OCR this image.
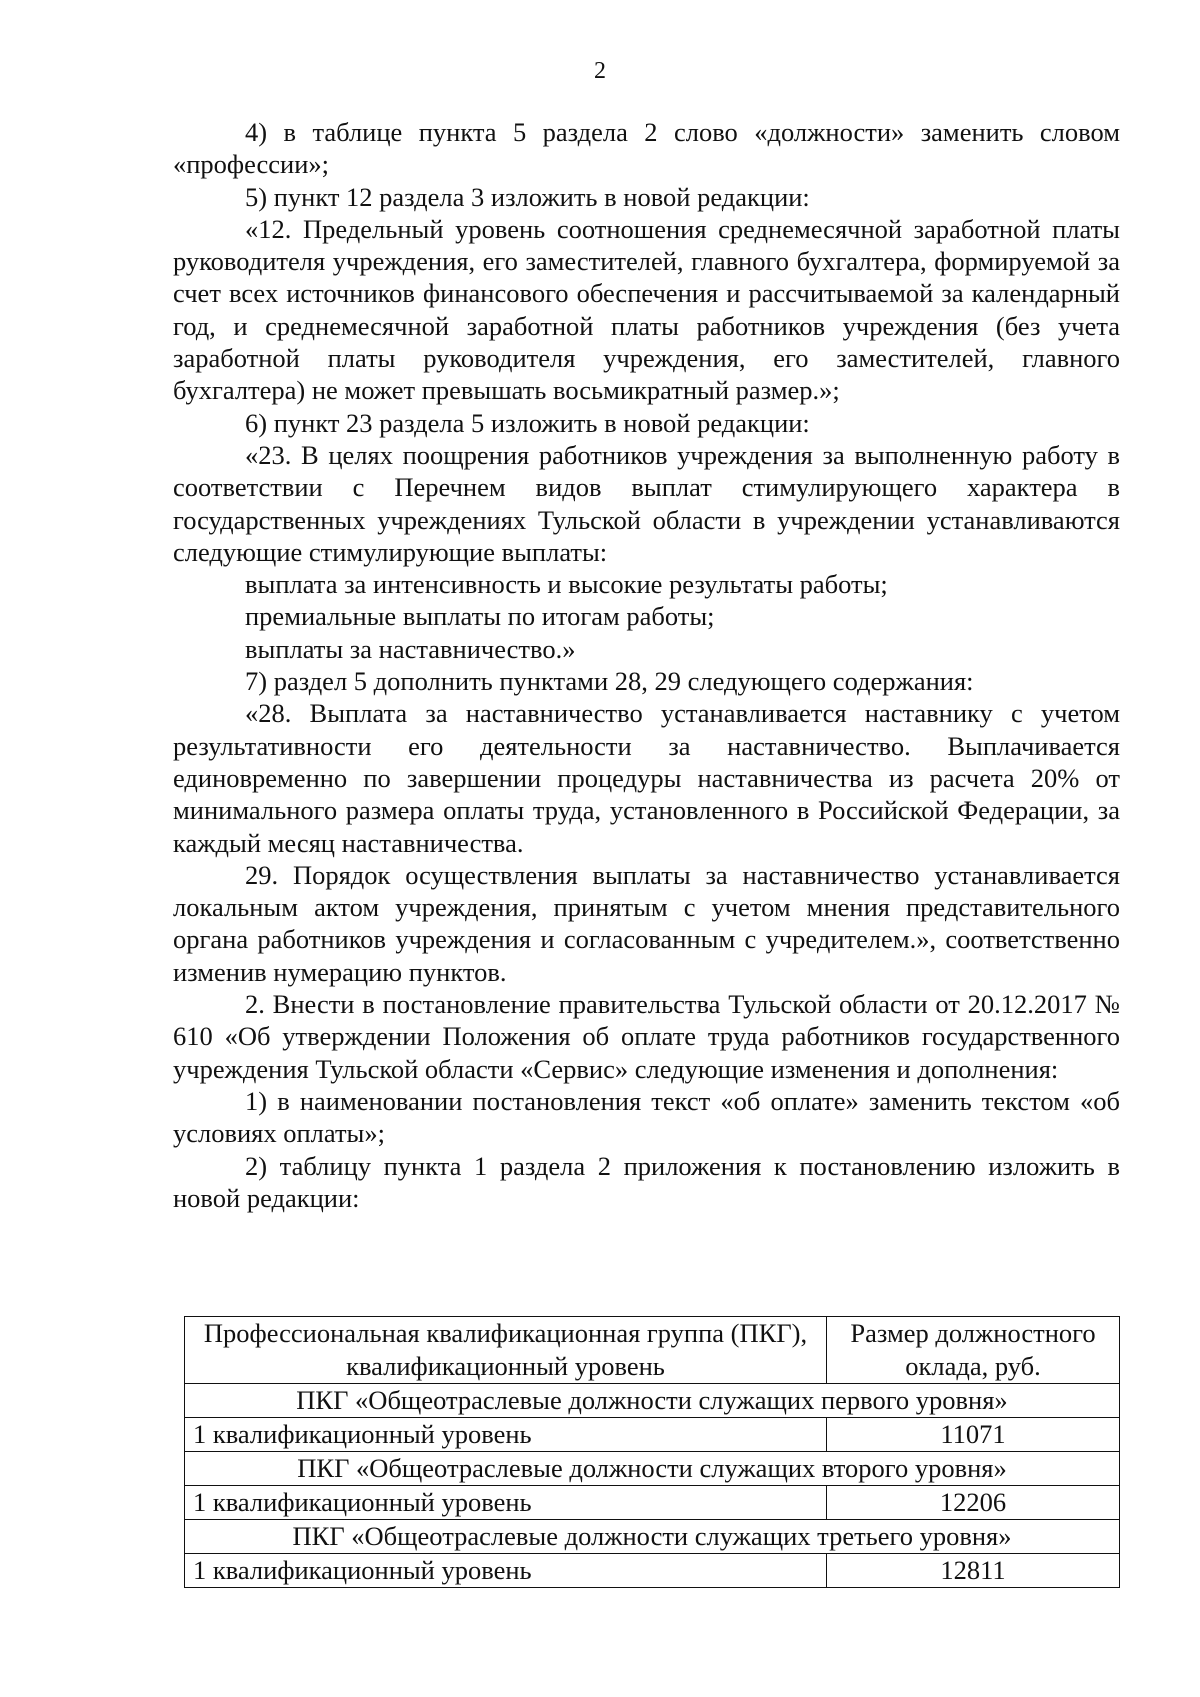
2

4) в таблице пункта 5 раздела 2 слово «должности» заменить словом «профессии»;

5) пункт 12 раздела 3 изложить в новой редакции:

«12. Предельный уровень соотношения среднемесячной заработной платы руководителя учреждения, его заместителей, главного бухгалтера, формируемой за счет всех источников финансового обеспечения и рассчитываемой за календарный год, и среднемесячной заработной платы работников учреждения (без учета заработной платы руководителя учреждения, его заместителей, главного бухгалтера) не может превышать восьмикратный размер.»;

6) пункт 23 раздела 5 изложить в новой редакции:

«23. В целях поощрения работников учреждения за выполненную работу в соответствии с Перечнем видов выплат стимулирующего характера в государственных учреждениях Тульской области в учреждении устанавливаются следующие стимулирующие выплаты:

выплата за интенсивность и высокие результаты работы;

премиальные выплаты по итогам работы;

выплаты за наставничество.»

7) раздел 5 дополнить пунктами 28, 29 следующего содержания:

«28. Выплата за наставничество устанавливается наставнику с учетом результативности его деятельности за наставничество. Выплачивается единовременно по завершении процедуры наставничества из расчета 20% от минимального размера оплаты труда, установленного в Российской Федерации, за каждый месяц наставничества.

29. Порядок осуществления выплаты за наставничество устанавливается локальным актом учреждения, принятым с учетом мнения представительного органа работников учреждения и согласованным с учредителем.», соответственно изменив нумерацию пунктов.

2. Внести в постановление правительства Тульской области от 20.12.2017 № 610 «Об утверждении Положения об оплате труда работников государственного учреждения Тульской области «Сервис» следующие изменения и дополнения:

1) в наименовании постановления текст «об оплате» заменить текстом «об условиях оплаты»;

2) таблицу пункта 1 раздела 2 приложения к постановлению изложить в новой редакции:

Профессиональная квалификационная группа (ПКГ), квалификационный уровень	Размер должностного оклада, руб.
ПКГ «Общеотраслевые должности служащих первого уровня»	
1 квалификационный уровень	11071
ПКГ «Общеотраслевые должности служащих второго уровня»	
1 квалификационный уровень	12206
ПКГ «Общеотраслевые должности служащих третьего уровня»	
1 квалификационный уровень	12811
